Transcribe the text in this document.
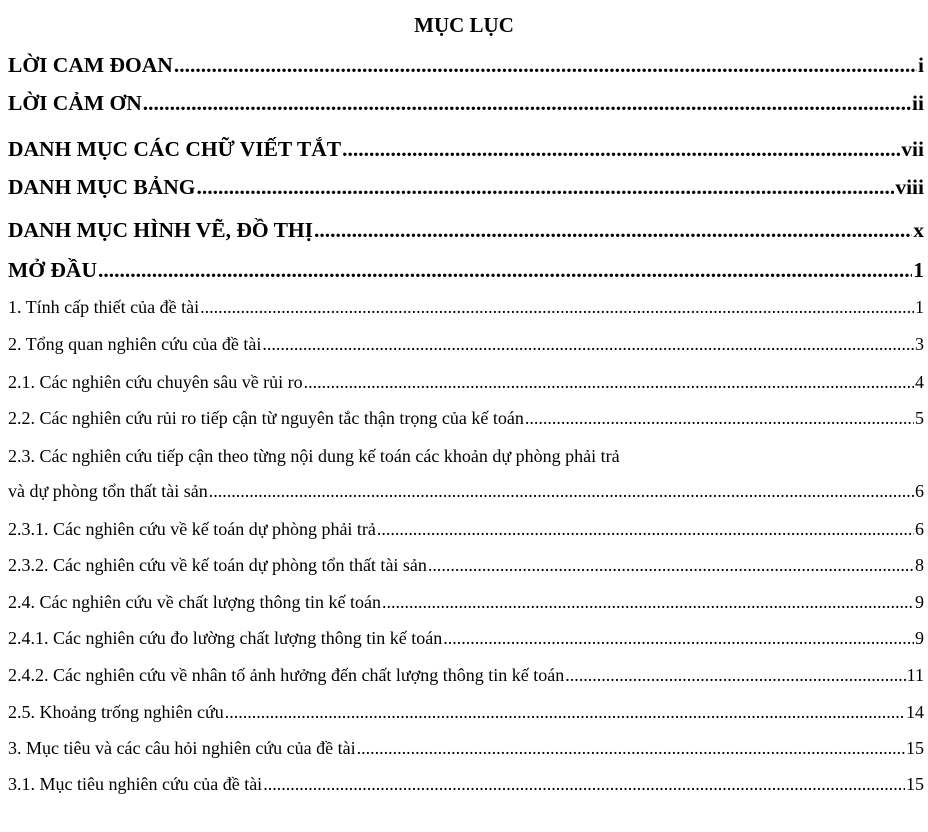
MỤC LỤC
LỜI CAM ĐOAN .....	i
LỜI CẢM ƠN .....	ii
DANH MỤC CÁC CHỮ VIẾT TẮT .....	vii
DANH MỤC BẢNG .....	viii
DANH MỤC HÌNH VẼ, ĐỒ THỊ .....	x
MỞ ĐẦU .....	1
1. Tính cấp thiết của đề tài .....	1
2. Tổng quan nghiên cứu của đề tài .....	3
2.1. Các nghiên cứu chuyên sâu về rủi ro .....	4
2.2. Các nghiên cứu rủi ro tiếp cận từ nguyên tắc thận trọng của kế toán .....	5
2.3. Các nghiên cứu tiếp cận theo từng nội dung kế toán các khoản dự phòng phải trả
và dự phòng tổn thất tài sản .....	6
2.3.1. Các nghiên cứu về kế toán dự phòng phải trả .....	6
2.3.2. Các nghiên cứu về kế toán dự phòng tổn thất tài sản .....	8
2.4. Các nghiên cứu về chất lượng thông tin kế toán .....	9
2.4.1. Các nghiên cứu đo lường chất lượng thông tin kế toán .....	9
2.4.2. Các nghiên cứu về nhân tố ảnh hưởng đến chất lượng thông tin kế toán .....	11
2.5. Khoảng trống nghiên cứu .....	14
3. Mục tiêu và các câu hỏi nghiên cứu của đề tài .....	15
3.1. Mục tiêu nghiên cứu của đề tài .....	15
